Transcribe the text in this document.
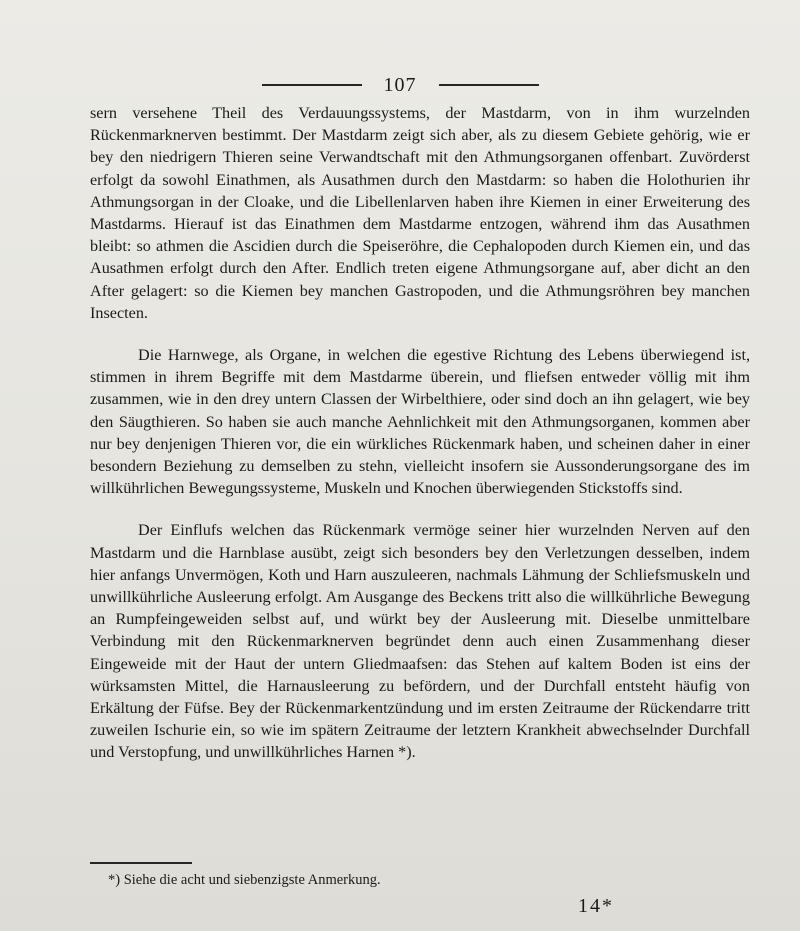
107

sern versehene Theil des Verdauungssystems, der Mastdarm, von in ihm wurzelnden Rückenmarknerven bestimmt. Der Mastdarm zeigt sich aber, als zu diesem Gebiete gehörig, wie er bey den niedrigern Thieren seine Verwandtschaft mit den Athmungsorganen offenbart. Zuvörderst erfolgt da sowohl Einathmen, als Ausathmen durch den Mastdarm: so haben die Holothurien ihr Athmungsorgan in der Cloake, und die Libellenlarven haben ihre Kiemen in einer Erweiterung des Mastdarms. Hierauf ist das Einathmen dem Mastdarme entzogen, während ihm das Ausathmen bleibt: so athmen die Ascidien durch die Speiseröhre, die Cephalopoden durch Kiemen ein, und das Ausathmen erfolgt durch den After. Endlich treten eigene Athmungsorgane auf, aber dicht an den After gelagert: so die Kiemen bey manchen Gastropoden, und die Athmungsröhren bey manchen Insecten.

Die Harnwege, als Organe, in welchen die egestive Richtung des Lebens überwiegend ist, stimmen in ihrem Begriffe mit dem Mastdarme überein, und fliefsen entweder völlig mit ihm zusammen, wie in den drey untern Classen der Wirbelthiere, oder sind doch an ihn gelagert, wie bey den Säugthieren. So haben sie auch manche Aehnlichkeit mit den Athmungsorganen, kommen aber nur bey denjenigen Thieren vor, die ein würkliches Rückenmark haben, und scheinen daher in einer besondern Beziehung zu demselben zu stehn, vielleicht insofern sie Aussonderungsorgane des im willkührlichen Bewegungssysteme, Muskeln und Knochen überwiegenden Stickstoffs sind.

Der Einflufs welchen das Rückenmark vermöge seiner hier wurzelnden Nerven auf den Mastdarm und die Harnblase ausübt, zeigt sich besonders bey den Verletzungen desselben, indem hier anfangs Unvermögen, Koth und Harn auszuleeren, nachmals Lähmung der Schliefsmuskeln und unwillkührliche Ausleerung erfolgt. Am Ausgange des Beckens tritt also die willkührliche Bewegung an Rumpfeingeweiden selbst auf, und würkt bey der Ausleerung mit. Dieselbe unmittelbare Verbindung mit den Rückenmarknerven begründet denn auch einen Zusammenhang dieser Eingeweide mit der Haut der untern Gliedmaafsen: das Stehen auf kaltem Boden ist eins der würksamsten Mittel, die Harnausleerung zu befördern, und der Durchfall entsteht häufig von Erkältung der Füfse. Bey der Rückenmarkentzündung und im ersten Zeitraume der Rückendarre tritt zuweilen Ischurie ein, so wie im spätern Zeitraume der letztern Krankheit abwechselnder Durchfall und Verstopfung, und unwillkührliches Harnen *).

*) Siehe die acht und siebenzigste Anmerkung.
14*
